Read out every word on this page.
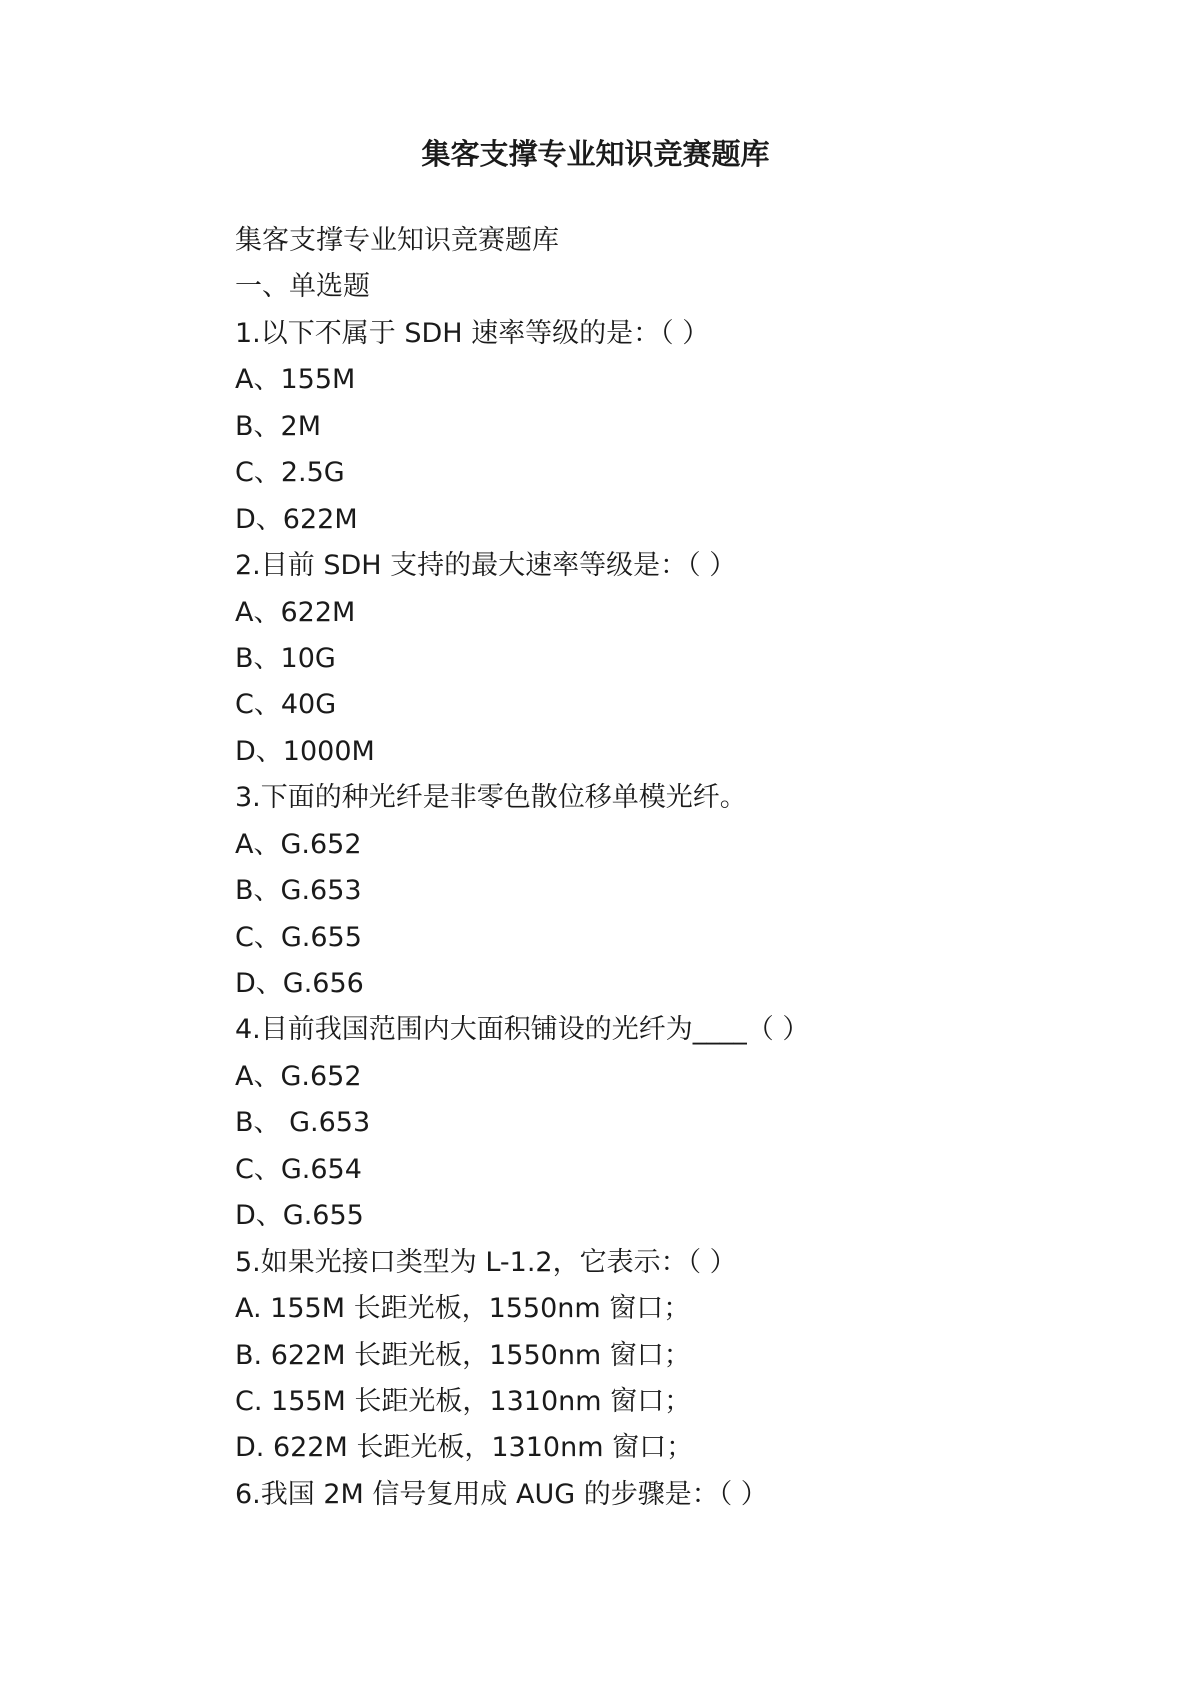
集客支撑专业知识竞赛题库

集客支撑专业知识竞赛题库

一、单选题

1.以下不属于 SDH 速率等级的是：（ ）

A、155M

B、2M

C、2.5G

D、622M

2.目前 SDH 支持的最大速率等级是：（ ）

A、622M

B、10G

C、40G

D、1000M

3.下面的种光纤是非零色散位移单模光纤。

A、G.652

B、G.653

C、G.655

D、G.656

4.目前我国范围内大面积铺设的光纤为____（ ）

A、G.652

B、 G.653

C、G.654

D、G.655

5.如果光接口类型为 L-1.2，它表示：（ ）

A. 155M 长距光板，1550nm 窗口；

B. 622M 长距光板，1550nm 窗口；

C. 155M 长距光板，1310nm 窗口；

D. 622M 长距光板，1310nm 窗口；

6.我国 2M 信号复用成 AUG 的步骤是：（ ）
